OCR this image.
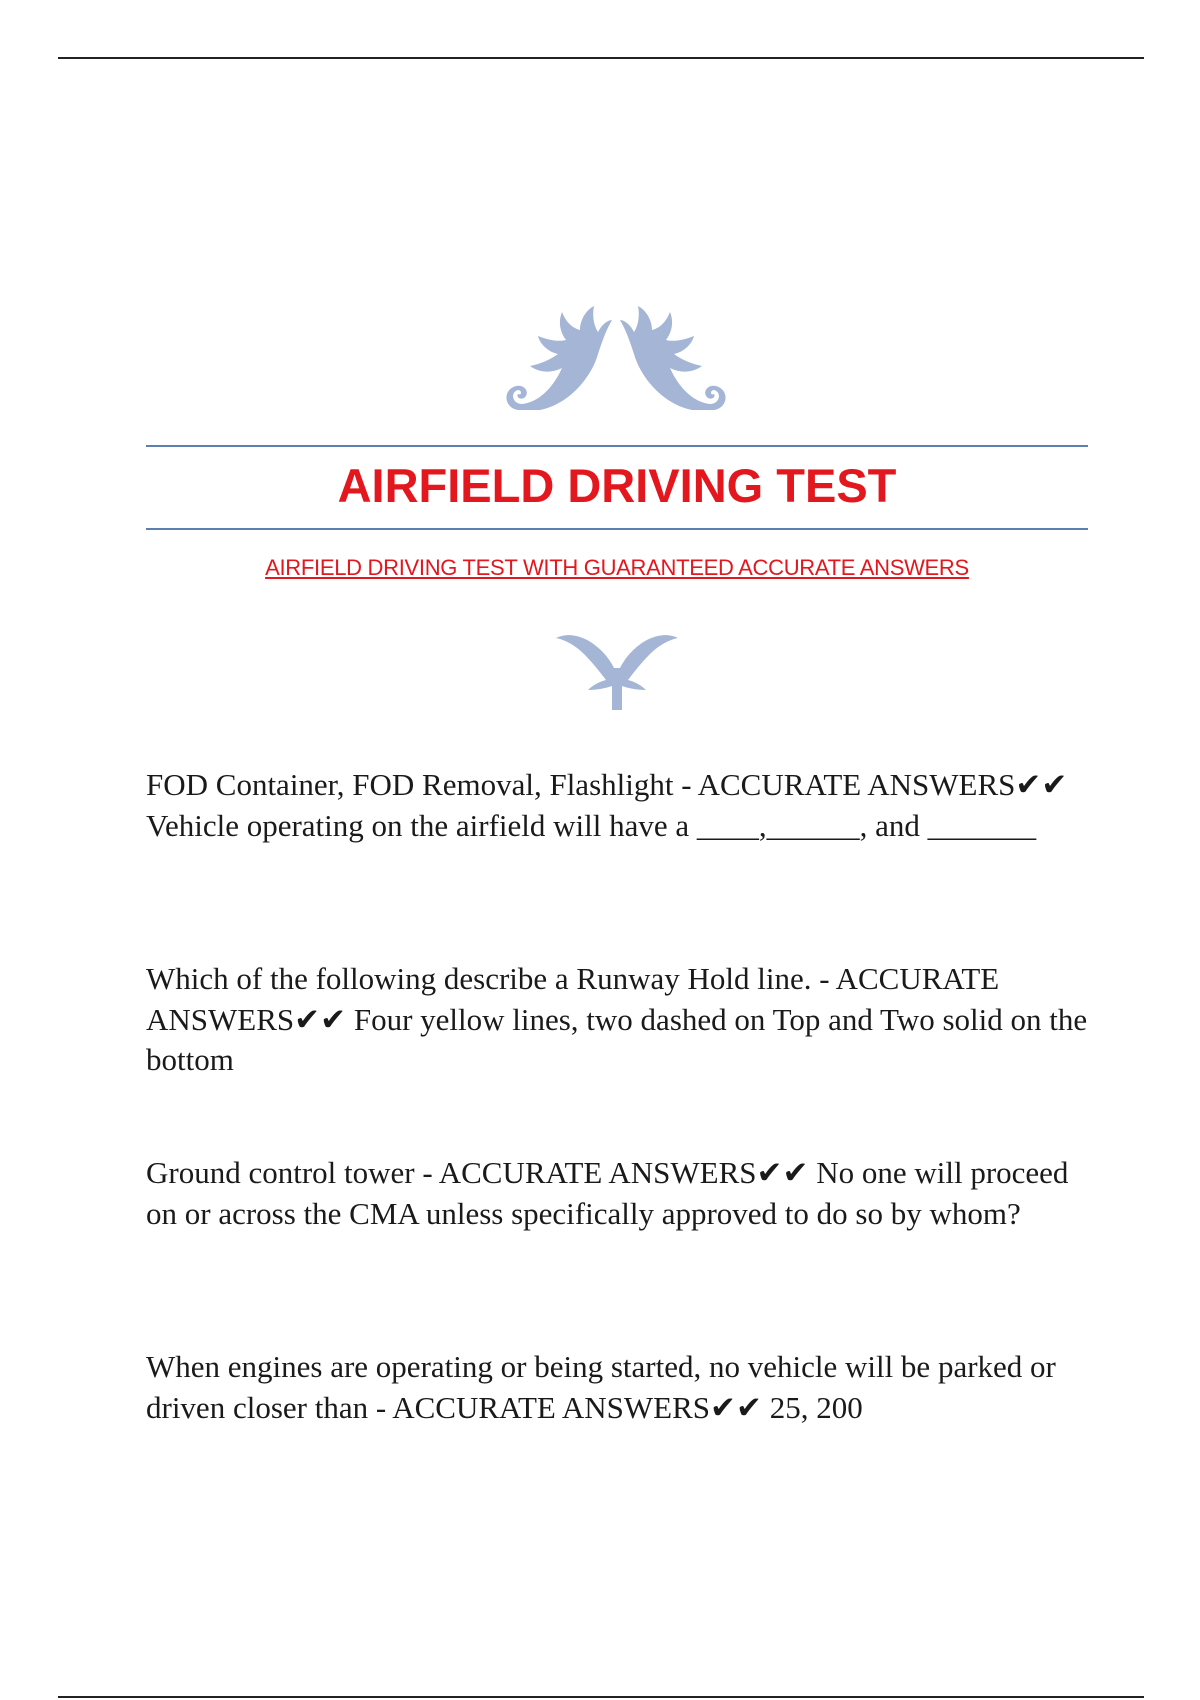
AIRFIELD DRIVING TEST

AIRFIELD DRIVING TEST WITH GUARANTEED ACCURATE ANSWERS

FOD Container, FOD Removal, Flashlight - ACCURATE ANSWERS✔✔ Vehicle operating on the airfield will have a ____,______, and _______

Which of the following describe a Runway Hold line. - ACCURATE ANSWERS✔✔ Four yellow lines, two dashed on Top and Two solid on the bottom

Ground control tower - ACCURATE ANSWERS✔✔ No one will proceed on or across the CMA unless specifically approved to do so by whom?

When engines are operating or being started, no vehicle will be parked or driven closer than - ACCURATE ANSWERS✔✔ 25, 200
